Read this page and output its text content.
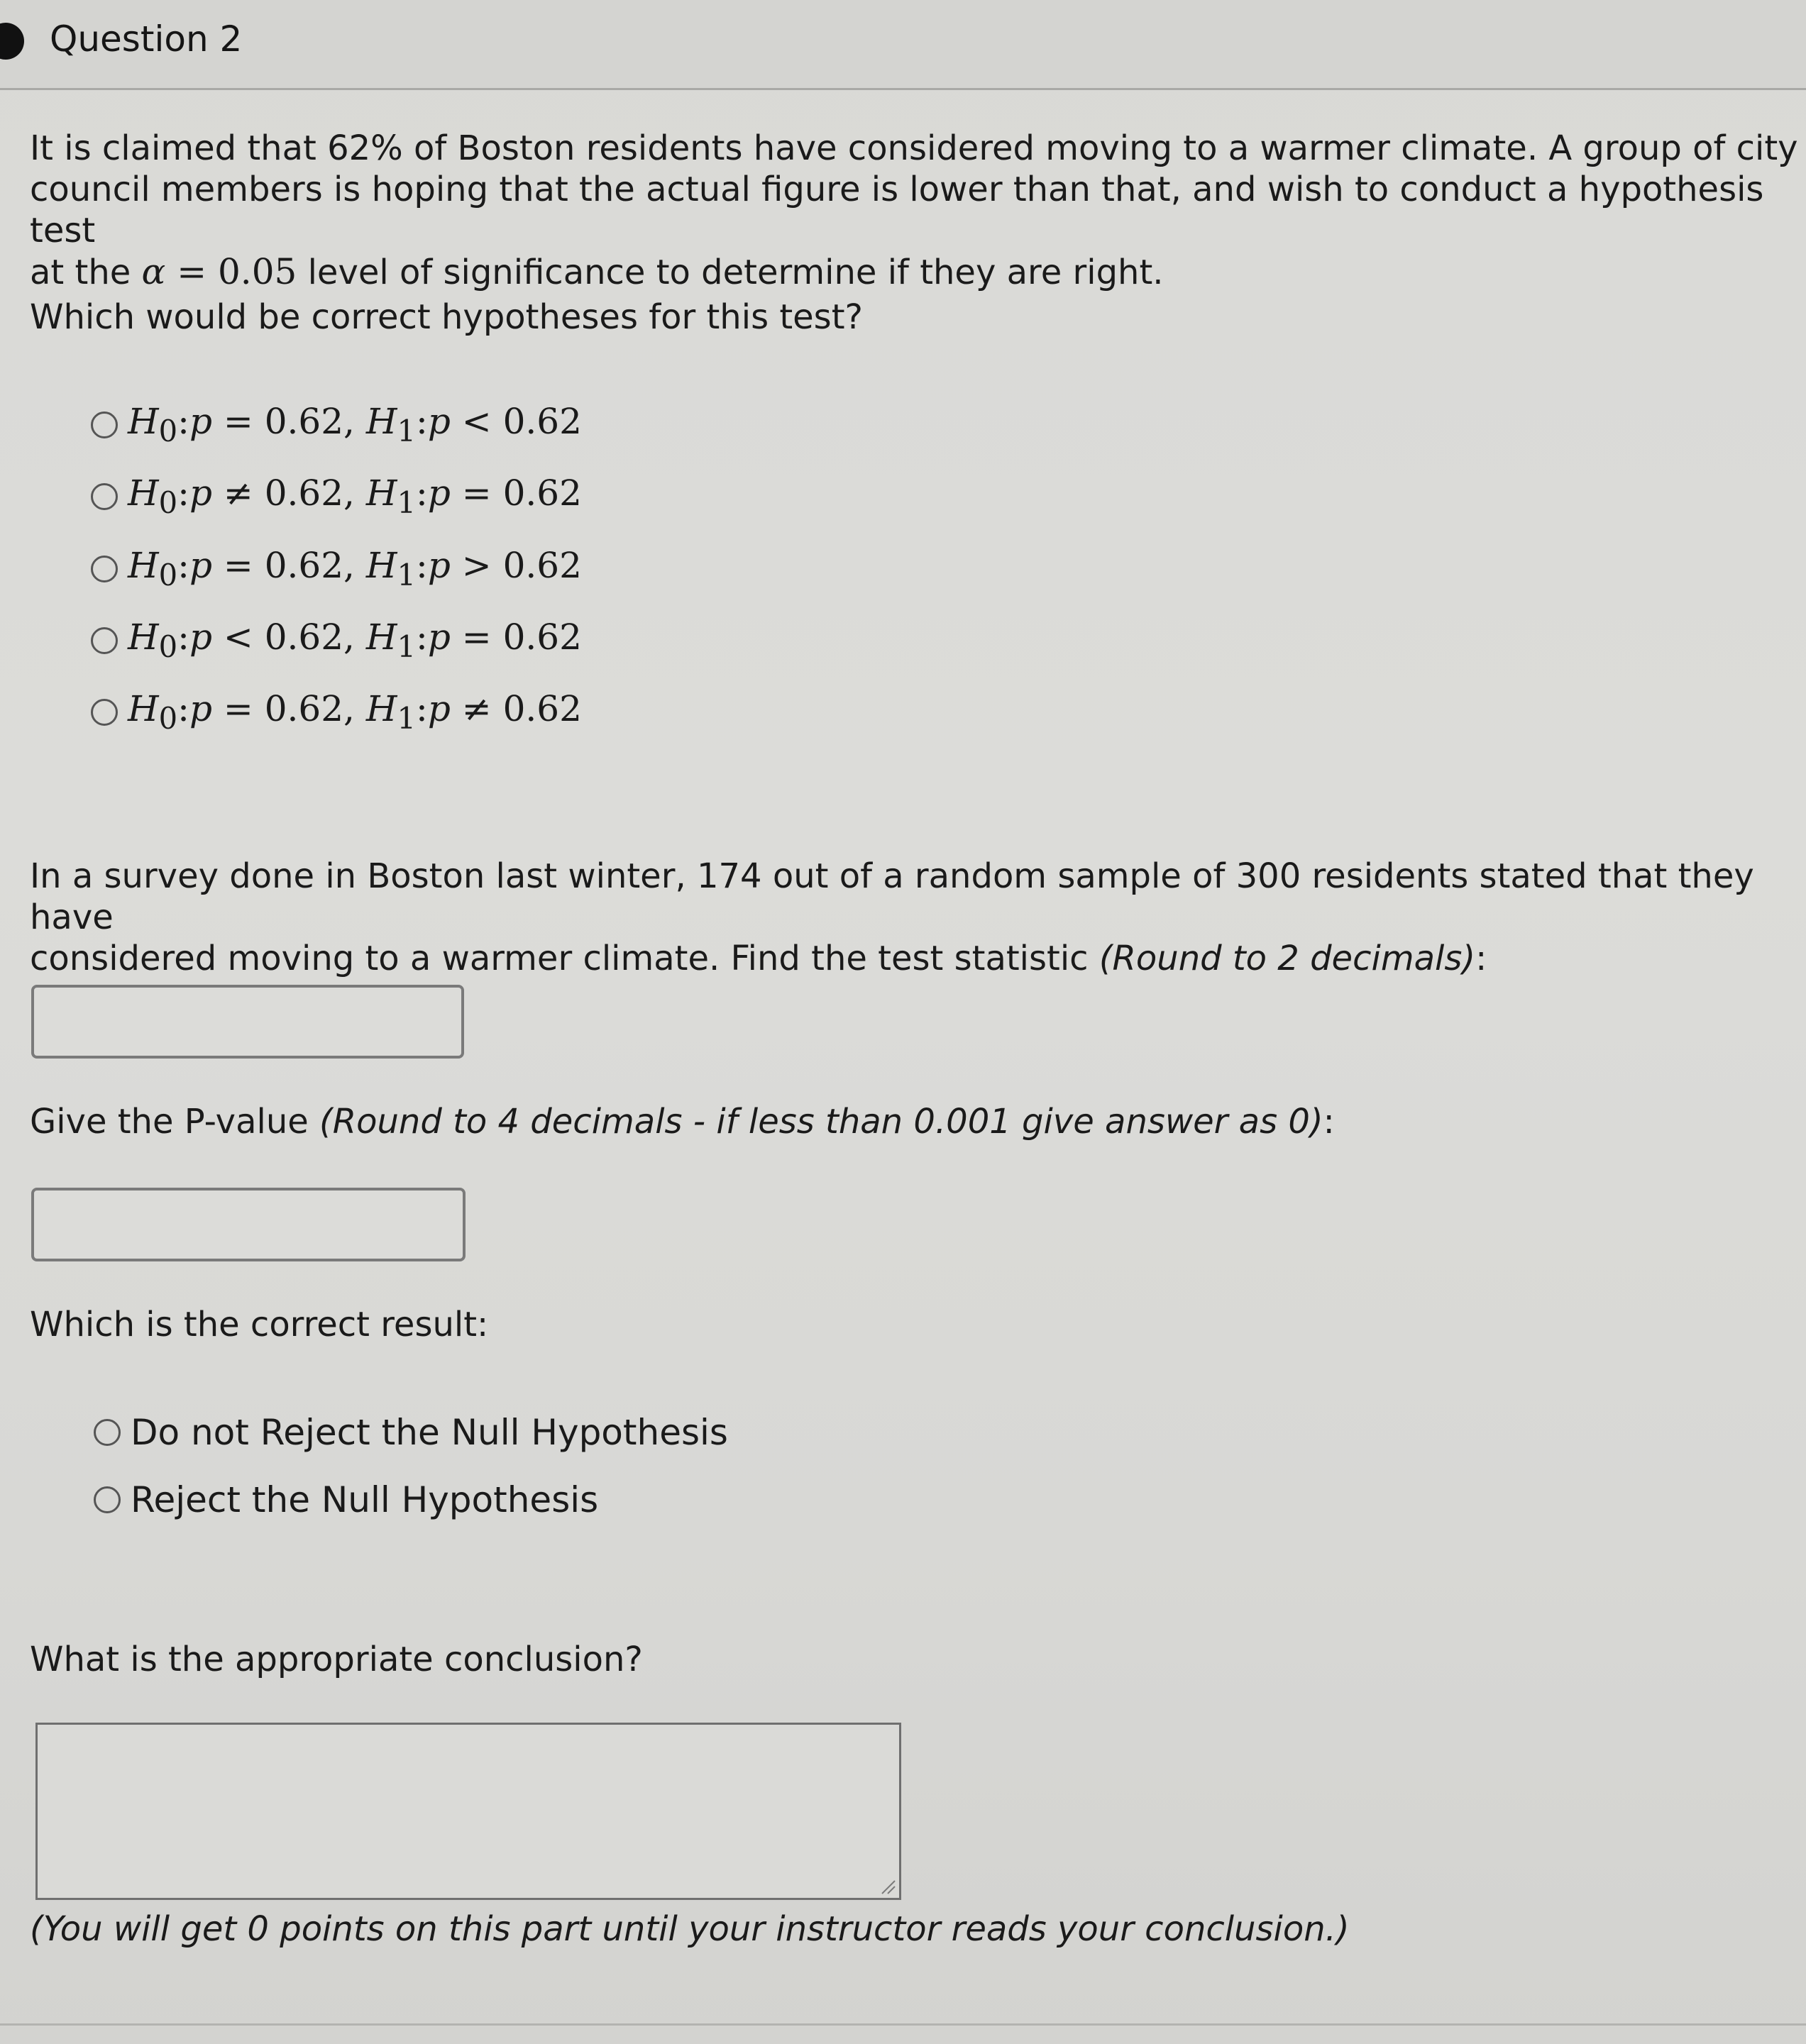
Question 2
It is claimed that 62% of Boston residents have considered moving to a warmer climate. A group of city
council members is hoping that the actual figure is lower than that, and wish to conduct a hypothesis test
at the α = 0.05 level of significance to determine if they are right.
Which would be correct hypotheses for this test?
$H_0:p = 0.62$, $H_1:p < 0.62$
$H_0:p \ne 0.62$, $H_1:p = 0.62$
$H_0:p = 0.62$, $H_1:p > 0.62$
$H_0:p < 0.62$, $H_1:p = 0.62$
$H_0:p = 0.62$, $H_1:p \ne 0.62$
In a survey done in Boston last winter, 174 out of a random sample of 300 residents stated that they have
considered moving to a warmer climate. Find the test statistic (Round to 2 decimals):
Give the P-value (Round to 4 decimals - if less than 0.001 give answer as 0):
Which is the correct result:
Do not Reject the Null Hypothesis
Reject the Null Hypothesis
What is the appropriate conclusion?
(You will get 0 points on this part until your instructor reads your conclusion.)
